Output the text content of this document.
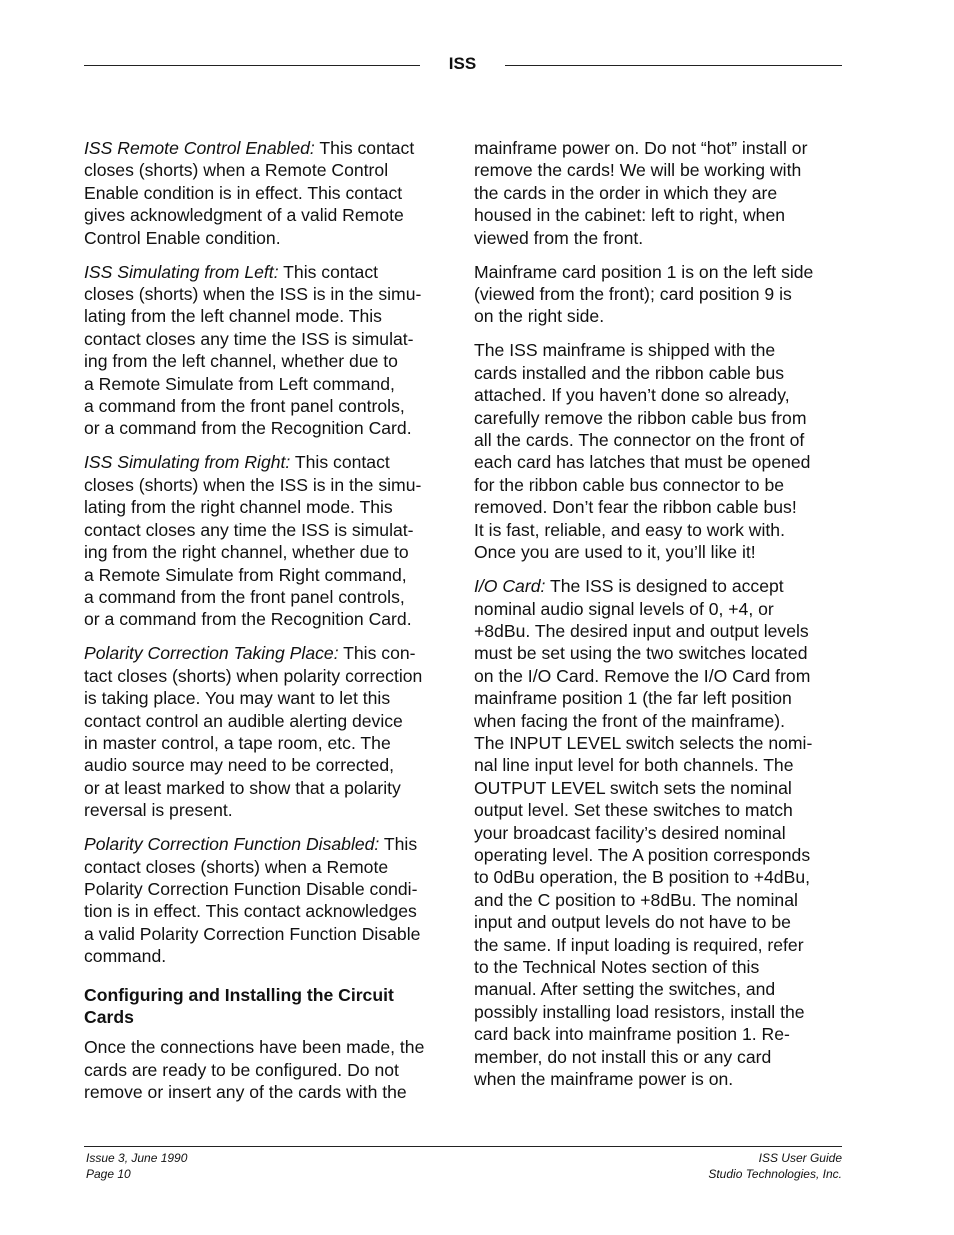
ISS

ISS Remote Control Enabled: This contact
closes (shorts) when a Remote Control
Enable condition is in effect. This contact
gives acknowledgment of a valid Remote
Control Enable condition.

ISS Simulating from Left: This contact
closes (shorts) when the ISS is in the simu-
lating from the left channel mode. This
contact closes any time the ISS is simulat-
ing from the left channel, whether due to
a Remote Simulate from Left command,
a command from the front panel controls,
or a command from the Recognition Card.

ISS Simulating from Right: This contact
closes (shorts) when the ISS is in the simu-
lating from the right channel mode. This
contact closes any time the ISS is simulat-
ing from the right channel, whether due to
a Remote Simulate from Right command,
a command from the front panel controls,
or a command from the Recognition Card.

Polarity Correction Taking Place: This con-
tact closes (shorts) when polarity correction
is taking place. You may want to let this
contact control an audible alerting device
in master control, a tape room, etc. The
audio source may need to be corrected,
or at least marked to show that a polarity
reversal is present.

Polarity Correction Function Disabled: This
contact closes (shorts) when a Remote
Polarity Correction Function Disable condi-
tion is in effect. This contact acknowledges
a valid Polarity Correction Function Disable
command.

Configuring and Installing the Circuit
Cards

Once the connections have been made, the
cards are ready to be configured. Do not
remove or insert any of the cards with the

mainframe power on. Do not “hot” install or
remove the cards! We will be working with
the cards in the order in which they are
housed in the cabinet: left to right, when
viewed from the front.

Mainframe card position 1 is on the left side
(viewed from the front); card position 9 is
on the right side.

The ISS mainframe is shipped with the
cards installed and the ribbon cable bus
attached. If you haven’t done so already,
carefully remove the ribbon cable bus from
all the cards. The connector on the front of
each card has latches that must be opened
for the ribbon cable bus connector to be
removed. Don’t fear the ribbon cable bus!
It is fast, reliable, and easy to work with.
Once you are used to it, you’ll like it!

I/O Card: The ISS is designed to accept
nominal audio signal levels of 0, +4, or
+8dBu. The desired input and output levels
must be set using the two switches located
on the I/O Card. Remove the I/O Card from
mainframe position 1 (the far left position
when facing the front of the mainframe).
The INPUT LEVEL switch selects the nomi-
nal line input level for both channels. The
OUTPUT LEVEL switch sets the nominal
output level. Set these switches to match
your broadcast facility’s desired nominal
operating level. The A position corresponds
to 0dBu operation, the B position to +4dBu,
and the C position to +8dBu. The nominal
input and output levels do not have to be
the same. If input loading is required, refer
to the Technical Notes section of this
manual. After setting the switches, and
possibly installing load resistors, install the
card back into mainframe position 1. Re-
member, do not install this or any card
when the mainframe power is on.

Issue 3, June 1990
Page 10
ISS User Guide
Studio Technologies, Inc.
